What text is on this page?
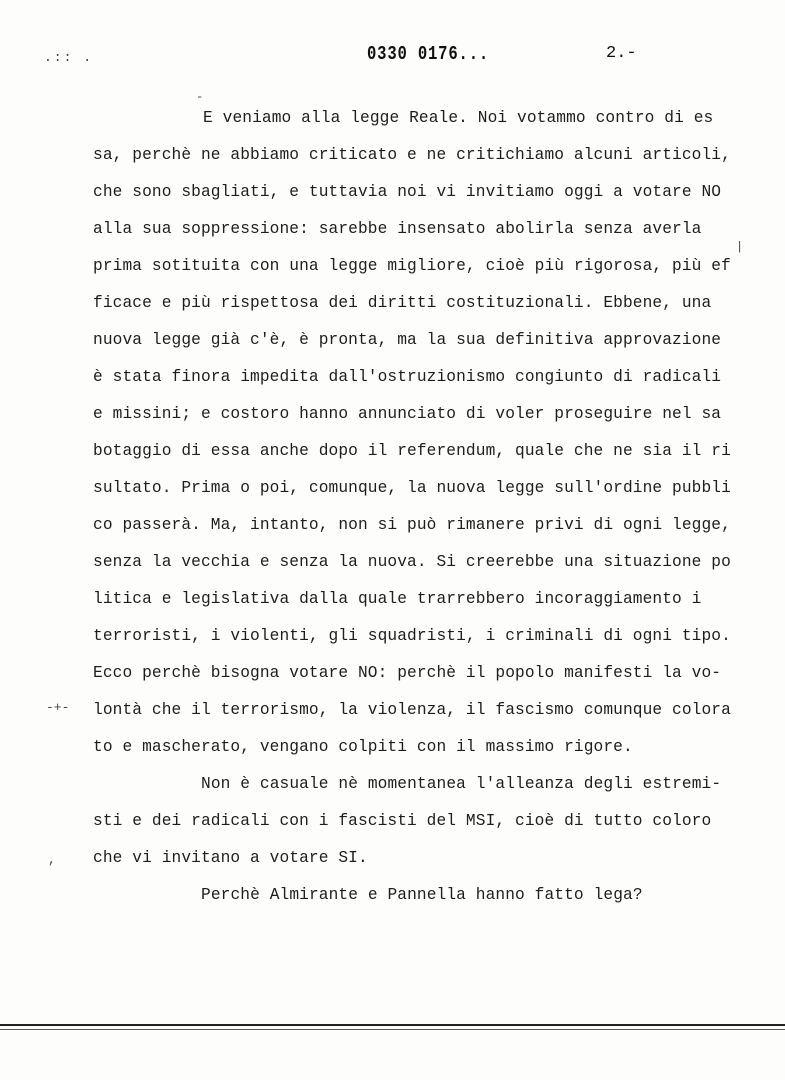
.:: .	0330 0176...	2.-
E veniamo alla legge Reale. Noi votammo contro di es
sa, perchè ne abbiamo criticato e ne critichiamo alcuni articoli,
che sono sbagliati, e tuttavia noi vi invitiamo oggi a votare NO
alla sua soppressione: sarebbe insensato abolirla senza averla
prima sotituita con una legge migliore, cioè più rigorosa, più ef
ficace e più rispettosa dei diritti costituzionali. Ebbene, una
nuova legge già c'è, è pronta, ma la sua definitiva approvazione
è stata finora impedita dall'ostruzionismo congiunto di radicali
e missini; e costoro hanno annunciato di voler proseguire nel sa
botaggio di essa anche dopo il referendum, quale che ne sia il ri
sultato. Prima o poi, comunque, la nuova legge sull'ordine pubbli
co passerà. Ma, intanto, non si può rimanere privi di ogni legge,
senza la vecchia e senza la nuova. Si creerebbe una situazione po
litica e legislativa dalla quale trarrebbero incoraggiamento i
terroristi, i violenti, gli squadristi, i criminali di ogni tipo.
Ecco perchè bisogna votare NO: perchè il popolo manifesti la vo-
lontà che il terrorismo, la violenza, il fascismo comunque colora
to e mascherato, vengano colpiti con il massimo rigore.
Non è casuale nè momentanea l'alleanza degli estremi-
sti e dei radicali con i fascisti del MSI, cioè di tutto coloro
che vi invitano a votare SI.
Perchè Almirante e Pannella hanno fatto lega?
-+-
,
-
|
